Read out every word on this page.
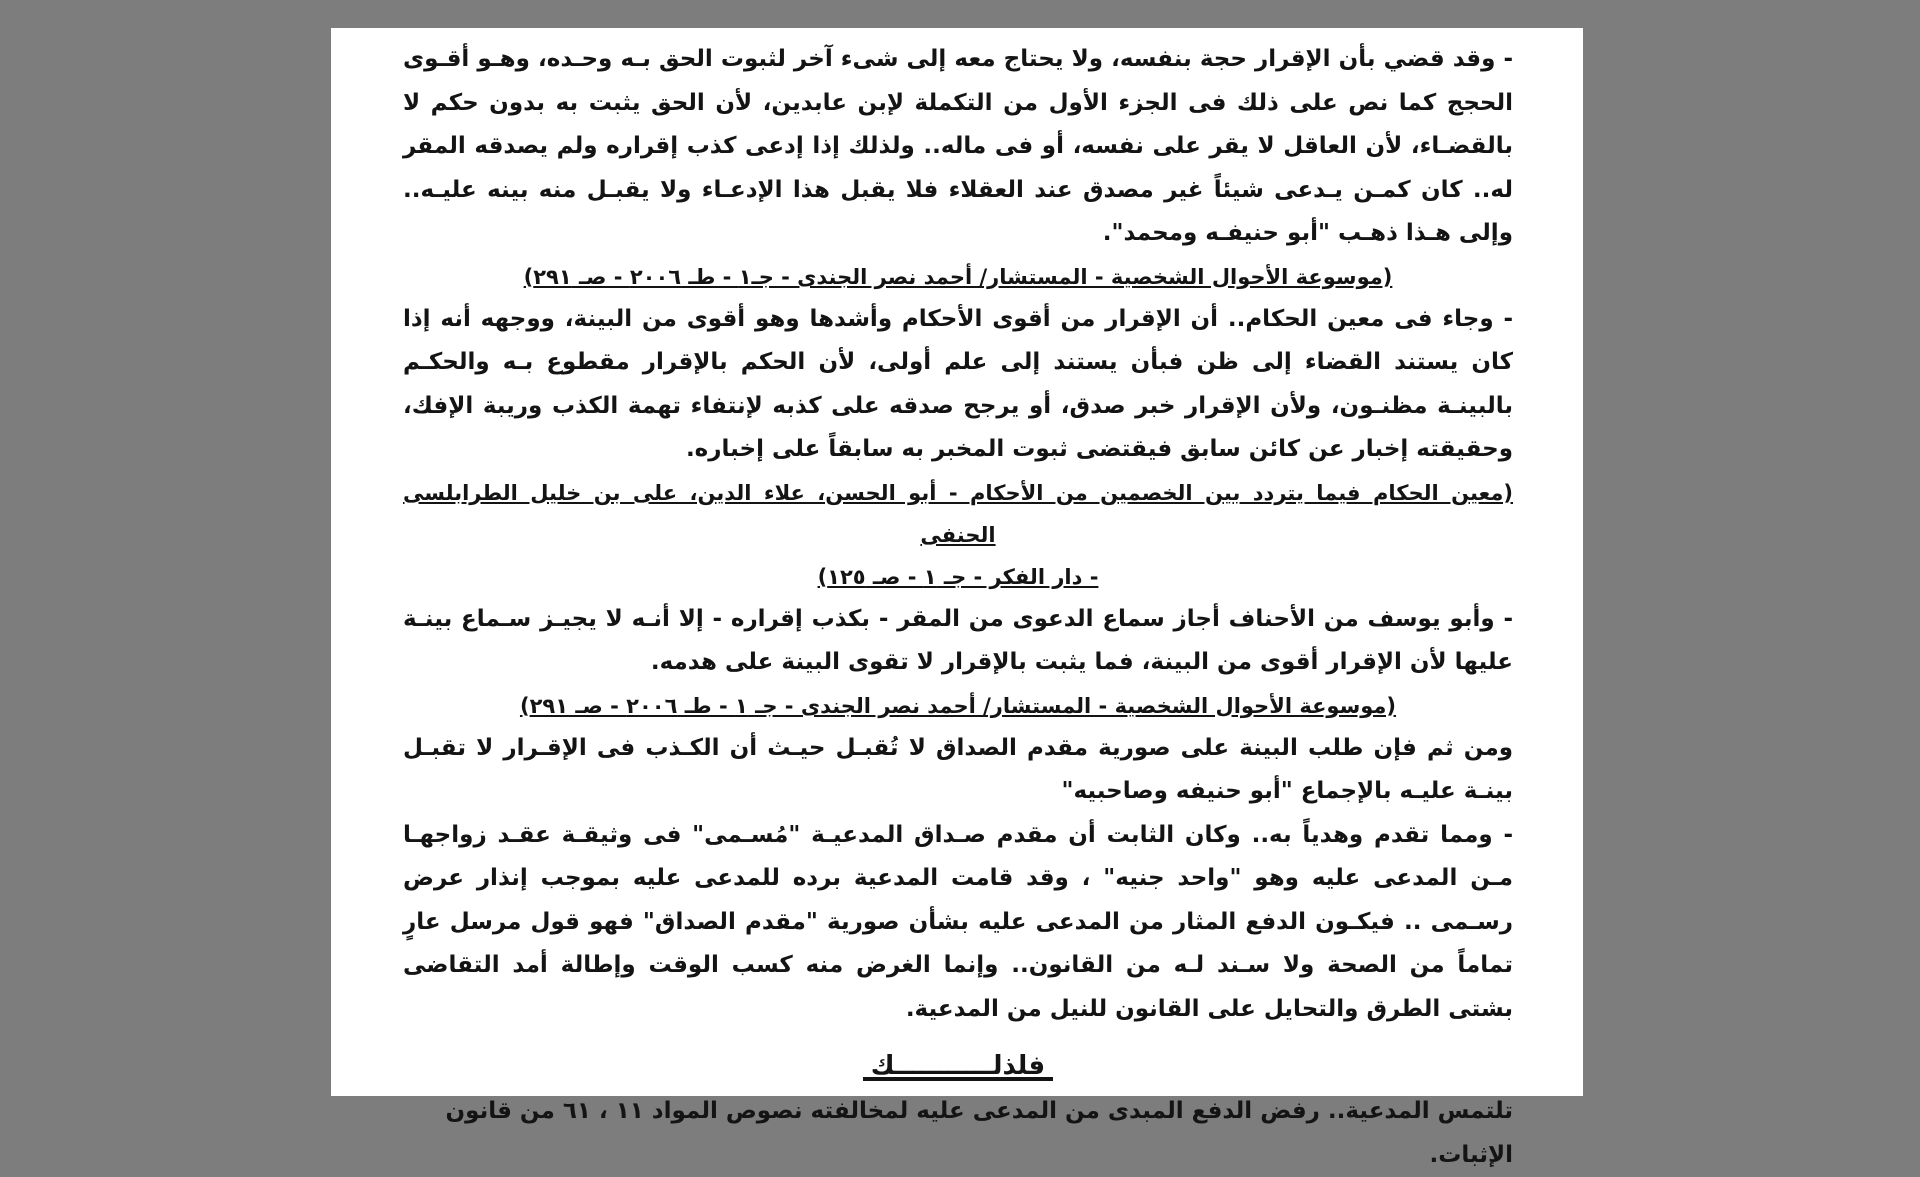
- وقد قضي بأن الإقرار حجة بنفسه، ولا يحتاج معه إلى شىء آخر لثبوت الحق بـه وحـده، وهـو أقـوى الحجج كما نص على ذلك فى الجزء الأول من التكملة لإبن عابدين، لأن الحق يثبت به بدون حكم لا بالقضـاء، لأن العاقل لا يقر على نفسه، أو فى ماله.. ولذلك إذا إدعى كذب إقراره ولم يصدقه المقر له.. كان كمـن يـدعى شيئاً غير مصدق عند العقلاء فلا يقبل هذا الإدعـاء ولا يقبـل منه بينه عليـه.. وإلى هـذا ذهـب "أبو حنيفـه ومحمد".

(موسوعة الأحوال الشخصية - المستشار/ أحمد نصر الجندى - جـ١ - طـ ٢٠٠٦ - صـ ٢٩١)

- وجاء فى معين الحكام.. أن الإقرار من أقوى الأحكام وأشدها وهو أقوى من البينة، ووجهه أنه إذا كان يستند القضاء إلى ظن فبأن يستند إلى علم أولى، لأن الحكم بالإقرار مقطوع بـه والحكـم بالبينـة مظنـون، ولأن الإقرار خبر صدق، أو يرجح صدقه على كذبه لإنتفاء تهمة الكذب وريبة الإفك، وحقيقته إخبار عن كائن سابق فيقتضى ثبوت المخبر به سابقاً على إخباره.

(معين الحكام فيما يتردد بين الخصمين من الأحكام - أبو الحسن، علاء الدين، على بن خليل الطرابلسى الحنفى

- دار الفكر - جـ ١ - صـ ١٢٥)

- وأبو يوسف من الأحناف أجاز سماع الدعوى من المقر - بكذب إقراره - إلا أنـه لا يجيـز سـماع بينـة عليها لأن الإقرار أقوى من البينة، فما يثبت بالإقرار لا تقوى البينة على هدمه.

(موسوعة الأحوال الشخصية - المستشار/ أحمد نصر الجندى - جـ ١ - طـ ٢٠٠٦ - صـ ٢٩١)

ومن ثم فإن طلب البينة على صورية مقدم الصداق لا تُقبـل حيـث أن الكـذب فى الإقـرار لا تقبـل بينـة عليـه بالإجماع "أبو حنيفه وصاحبيه"

- ومما تقدم وهدياً به.. وكان الثابت أن مقدم صـداق المدعيـة "مُسـمى" فى وثيقـة عقـد زواجهـا مـن المدعى عليه وهو "واحد جنيه" ، وقد قامت المدعية برده للمدعى عليه بموجب إنذار عرض رسـمى .. فيكـون الدفع المثار من المدعى عليه بشأن صورية "مقدم الصداق" فهو قول مرسل عارٍ تماماً من الصحة ولا سـند لـه من القانون.. وإنما الغرض منه كسب الوقت وإطالة أمد التقاضى بشتى الطرق والتحايل على القانون للنيل من المدعية.

فلذلـــــــــــك

تلتمس المدعية.. رفض الدفع المبدى من المدعى عليه لمخالفته نصوص المواد ١١ ، ٦١ من قانون الإثبات.
